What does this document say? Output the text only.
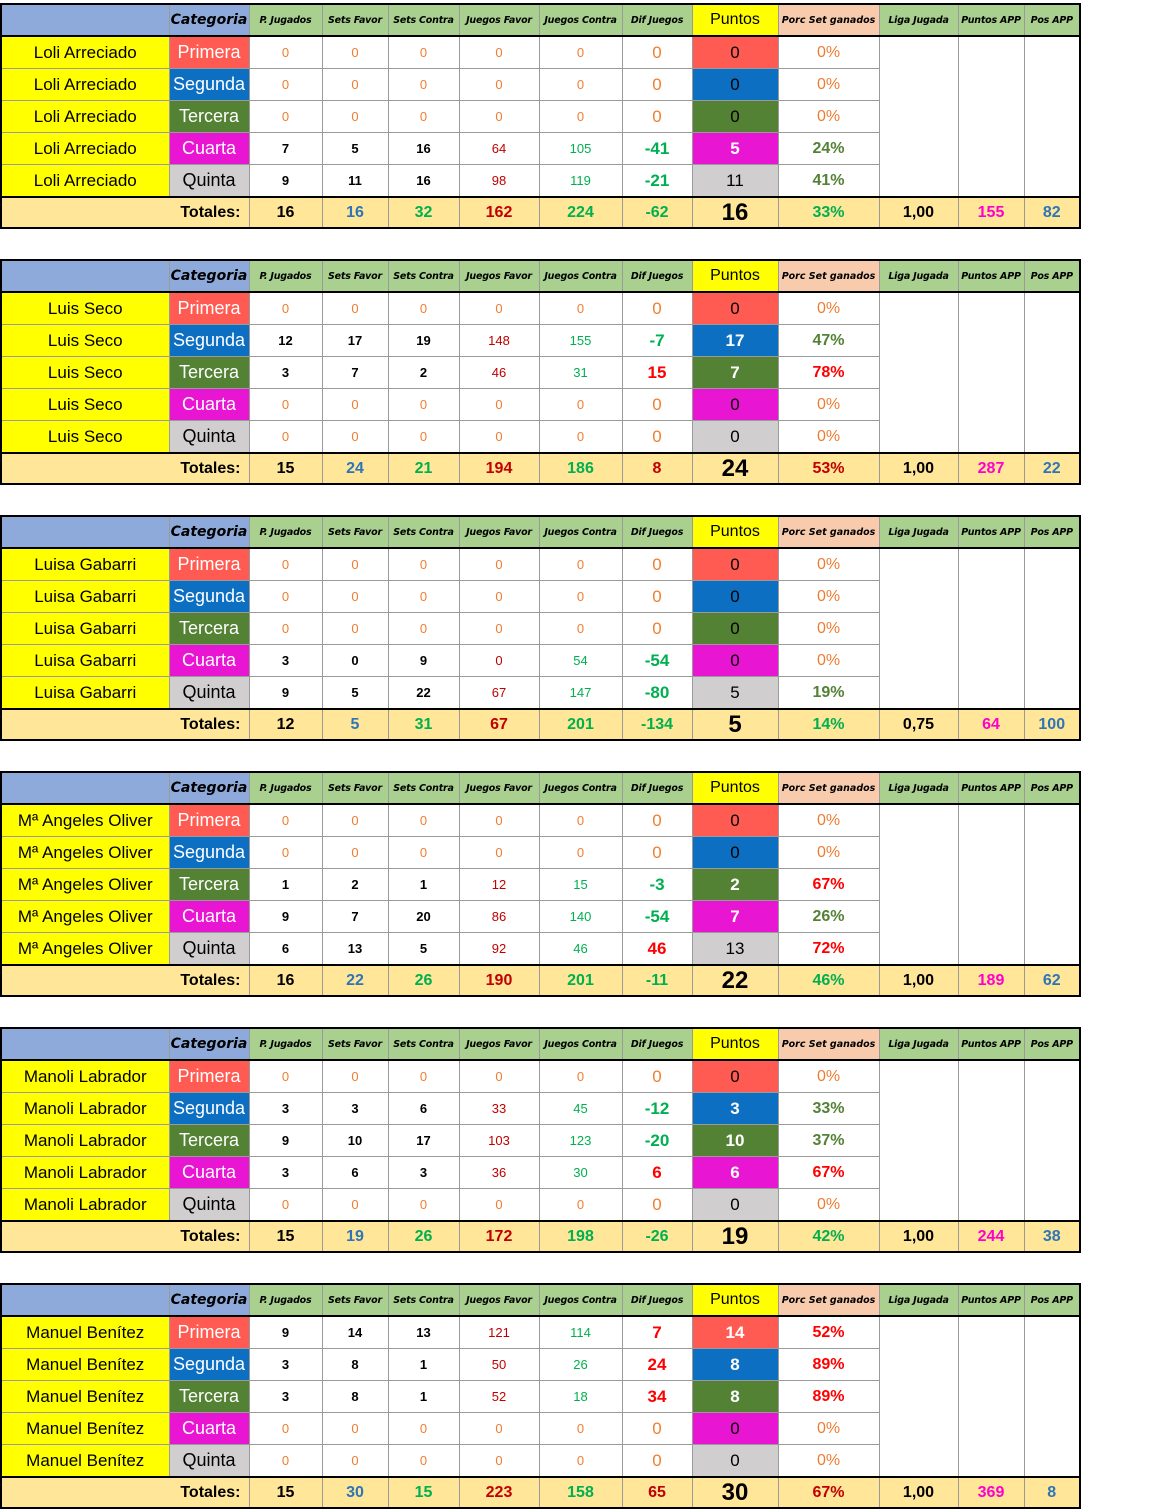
	Categoria	P. Jugados	Sets Favor	Sets Contra	Juegos Favor	Juegos Contra	Dif Juegos	Puntos	Porc Set ganados	Liga Jugada	Puntos APP	Pos APP
Loli Arreciado	Primera	0	0	0	0	0	0	0	0%			
Loli Arreciado	Segunda	0	0	0	0	0	0	0	0%			
Loli Arreciado	Tercera	0	0	0	0	0	0	0	0%			
Loli Arreciado	Cuarta	7	5	16	64	105	-41	5	24%			
Loli Arreciado	Quinta	9	11	16	98	119	-21	11	41%			
Totales:		16	16	32	162	224	-62	16	33%	1,00	155	82
	Categoria	P. Jugados	Sets Favor	Sets Contra	Juegos Favor	Juegos Contra	Dif Juegos	Puntos	Porc Set ganados	Liga Jugada	Puntos APP	Pos APP
Luis Seco	Primera	0	0	0	0	0	0	0	0%			
Luis Seco	Segunda	12	17	19	148	155	-7	17	47%			
Luis Seco	Tercera	3	7	2	46	31	15	7	78%			
Luis Seco	Cuarta	0	0	0	0	0	0	0	0%			
Luis Seco	Quinta	0	0	0	0	0	0	0	0%			
Totales:		15	24	21	194	186	8	24	53%	1,00	287	22
	Categoria	P. Jugados	Sets Favor	Sets Contra	Juegos Favor	Juegos Contra	Dif Juegos	Puntos	Porc Set ganados	Liga Jugada	Puntos APP	Pos APP
Luisa Gabarri	Primera	0	0	0	0	0	0	0	0%			
Luisa Gabarri	Segunda	0	0	0	0	0	0	0	0%			
Luisa Gabarri	Tercera	0	0	0	0	0	0	0	0%			
Luisa Gabarri	Cuarta	3	0	9	0	54	-54	0	0%			
Luisa Gabarri	Quinta	9	5	22	67	147	-80	5	19%			
Totales:		12	5	31	67	201	-134	5	14%	0,75	64	100
	Categoria	P. Jugados	Sets Favor	Sets Contra	Juegos Favor	Juegos Contra	Dif Juegos	Puntos	Porc Set ganados	Liga Jugada	Puntos APP	Pos APP
Mª Angeles Oliver	Primera	0	0	0	0	0	0	0	0%			
Mª Angeles Oliver	Segunda	0	0	0	0	0	0	0	0%			
Mª Angeles Oliver	Tercera	1	2	1	12	15	-3	2	67%			
Mª Angeles Oliver	Cuarta	9	7	20	86	140	-54	7	26%			
Mª Angeles Oliver	Quinta	6	13	5	92	46	46	13	72%			
Totales:		16	22	26	190	201	-11	22	46%	1,00	189	62
	Categoria	P. Jugados	Sets Favor	Sets Contra	Juegos Favor	Juegos Contra	Dif Juegos	Puntos	Porc Set ganados	Liga Jugada	Puntos APP	Pos APP
Manoli Labrador	Primera	0	0	0	0	0	0	0	0%			
Manoli Labrador	Segunda	3	3	6	33	45	-12	3	33%			
Manoli Labrador	Tercera	9	10	17	103	123	-20	10	37%			
Manoli Labrador	Cuarta	3	6	3	36	30	6	6	67%			
Manoli Labrador	Quinta	0	0	0	0	0	0	0	0%			
Totales:		15	19	26	172	198	-26	19	42%	1,00	244	38
	Categoria	P. Jugados	Sets Favor	Sets Contra	Juegos Favor	Juegos Contra	Dif Juegos	Puntos	Porc Set ganados	Liga Jugada	Puntos APP	Pos APP
Manuel Benítez	Primera	9	14	13	121	114	7	14	52%			
Manuel Benítez	Segunda	3	8	1	50	26	24	8	89%			
Manuel Benítez	Tercera	3	8	1	52	18	34	8	89%			
Manuel Benítez	Cuarta	0	0	0	0	0	0	0	0%			
Manuel Benítez	Quinta	0	0	0	0	0	0	0	0%			
Totales:		15	30	15	223	158	65	30	67%	1,00	369	8
